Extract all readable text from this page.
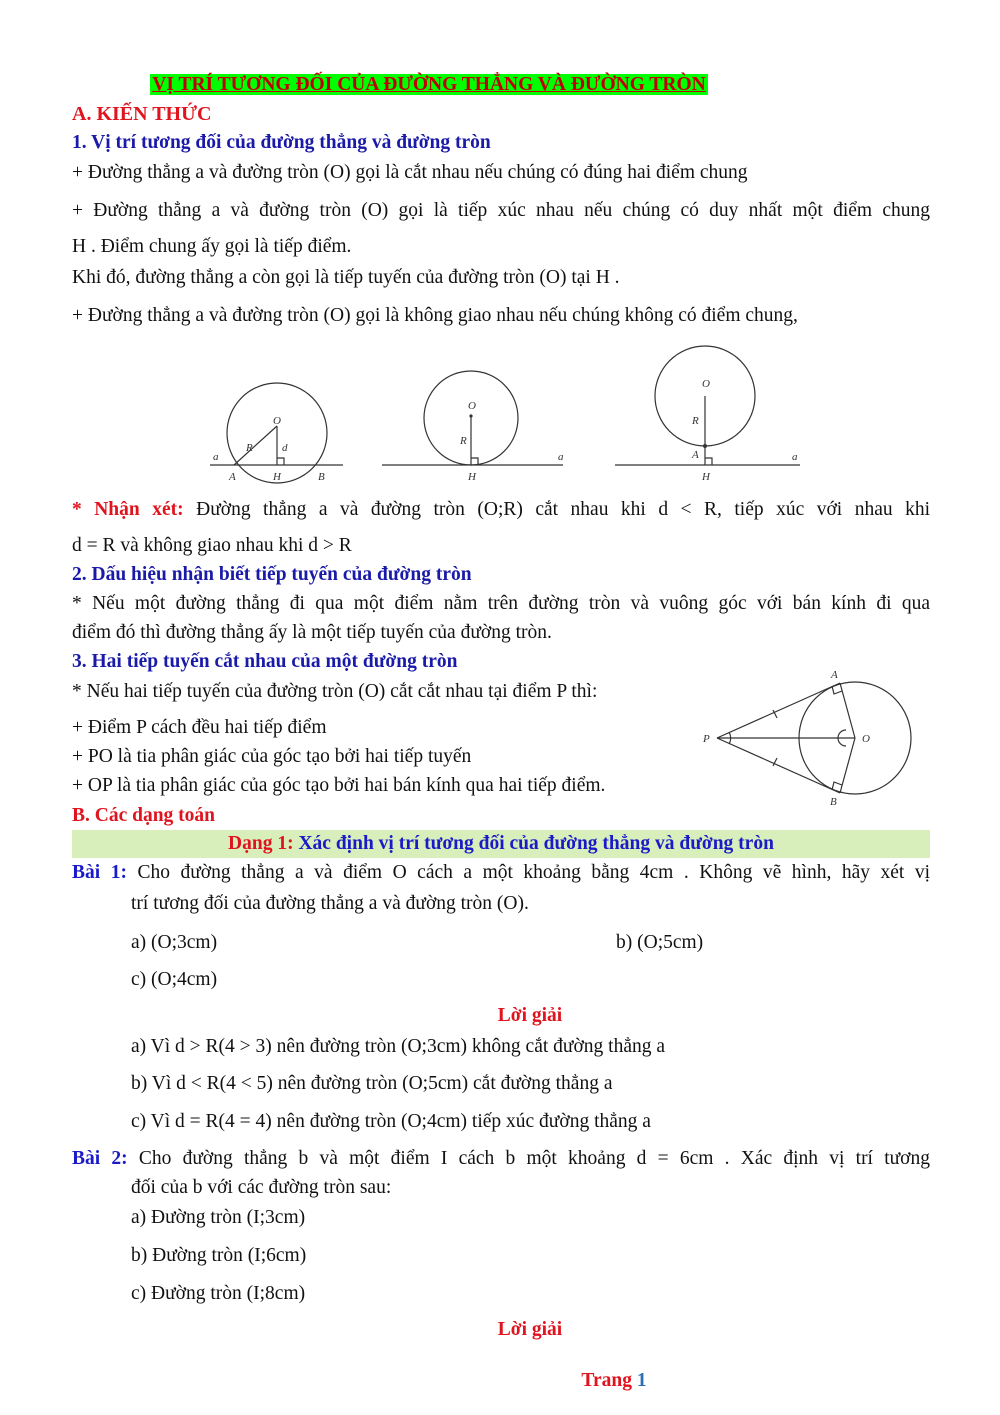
VỊ TRÍ TƯƠNG ĐỐI CỦA ĐƯỜNG THẲNG VÀ ĐƯỜNG TRÒN
A. KIẾN THỨC
1. Vị trí tương đối của đường thẳng và đường tròn
+ Đường thẳng a và đường tròn (O) gọi là cắt nhau nếu chúng có đúng hai điểm chung
+ Đường thẳng a và đường tròn (O) gọi là tiếp xúc nhau nếu chúng có duy nhất một điểm chung
H . Điểm chung ấy gọi là tiếp điểm.
Khi đó, đường thẳng a còn gọi là tiếp tuyến của đường tròn (O) tại H .
+ Đường thẳng a và đường tròn (O) gọi là không giao nhau nếu chúng không có điểm chung,
O
R	d
a
A	H	B
O
R
a
H
O
R
A	a
H
* Nhận xét: Đường thẳng a và đường tròn (O;R) cắt nhau khi d < R, tiếp xúc với nhau khi
d = R và không giao nhau khi d > R
2. Dấu hiệu nhận biết tiếp tuyến của đường tròn
* Nếu một đường thẳng đi qua một điểm nằm trên đường tròn và vuông góc với bán kính đi qua
điểm đó thì đường thẳng ấy là một tiếp tuyến của đường tròn.
3. Hai tiếp tuyến cắt nhau của một đường tròn
* Nếu hai tiếp tuyến của đường tròn (O) cắt cắt nhau tại điểm P thì:
+ Điểm P cách đều hai tiếp điểm
+ PO là tia phân giác của góc tạo bởi hai tiếp tuyến
+ OP là tia phân giác của góc tạo bởi hai bán kính qua hai tiếp điểm.
A
P	O
B
B. Các dạng toán
Dạng 1: Xác định vị trí tương đối của đường thẳng và đường tròn
Bài 1: Cho đường thẳng a và điểm O cách a một khoảng bằng 4cm . Không vẽ hình, hãy xét vị
trí tương đối của đường thẳng a và đường tròn (O).
a) (O;3cm)	b) (O;5cm)
c) (O;4cm)
Lời giải
a) Vì d > R(4 > 3) nên đường tròn (O;3cm) không cắt đường thẳng a
b) Vì d < R(4 < 5) nên đường tròn (O;5cm) cắt đường thẳng a
c) Vì d = R(4 = 4) nên đường tròn (O;4cm) tiếp xúc đường thẳng a
Bài 2: Cho đường thẳng b và một điểm I cách b một khoảng d = 6cm . Xác định vị trí tương
đối của b với các đường tròn sau:
a) Đường tròn (I;3cm)
b) Đường tròn (I;6cm)
c) Đường tròn (I;8cm)
Lời giải
Trang 1
